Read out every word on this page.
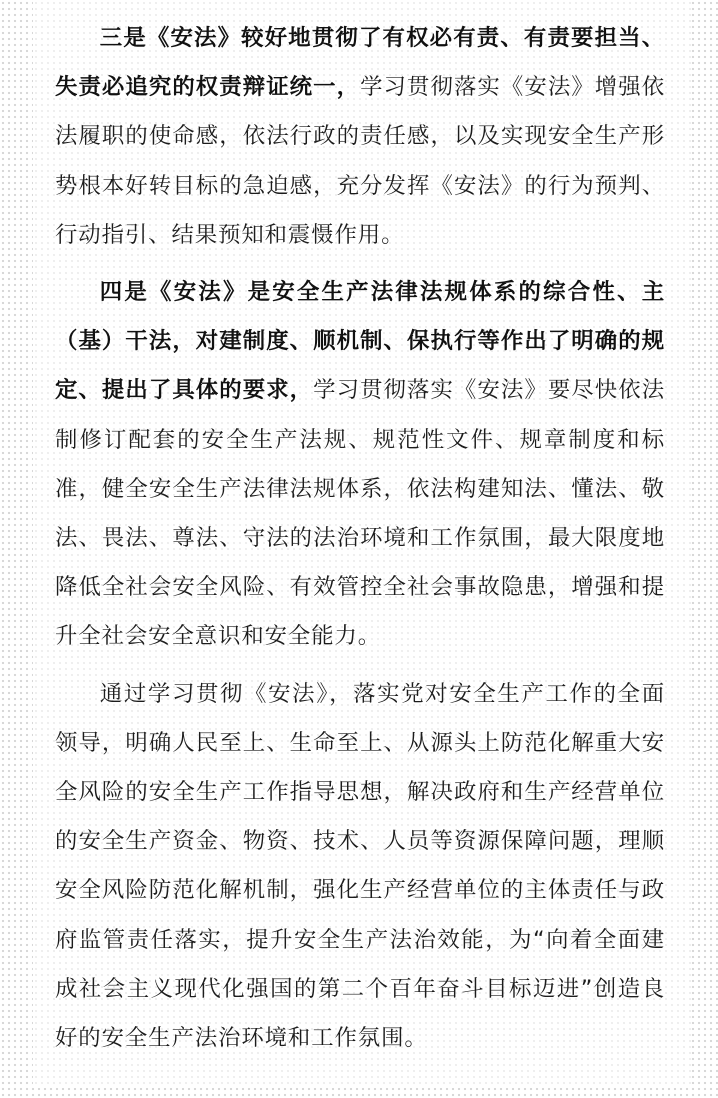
三是《安法》较好地贯彻了有权必有责、有责要担当、失责必追究的权责辩证统一，学习贯彻落实《安法》增强依法履职的使命感，依法行政的责任感，以及实现安全生产形势根本好转目标的急迫感，充分发挥《安法》的行为预判、行动指引、结果预知和震慑作用。

四是《安法》是安全生产法律法规体系的综合性、主（基）干法，对建制度、顺机制、保执行等作出了明确的规定、提出了具体的要求，学习贯彻落实《安法》要尽快依法制修订配套的安全生产法规、规范性文件、规章制度和标准，健全安全生产法律法规体系，依法构建知法、懂法、敬法、畏法、尊法、守法的法治环境和工作氛围，最大限度地降低全社会安全风险、有效管控全社会事故隐患，增强和提升全社会安全意识和安全能力。

通过学习贯彻《安法》，落实党对安全生产工作的全面领导，明确人民至上、生命至上、从源头上防范化解重大安全风险的安全生产工作指导思想，解决政府和生产经营单位的安全生产资金、物资、技术、人员等资源保障问题，理顺安全风险防范化解机制，强化生产经营单位的主体责任与政府监管责任落实，提升安全生产法治效能，为“向着全面建成社会主义现代化强国的第二个百年奋斗目标迈进”创造良好的安全生产法治环境和工作氛围。
